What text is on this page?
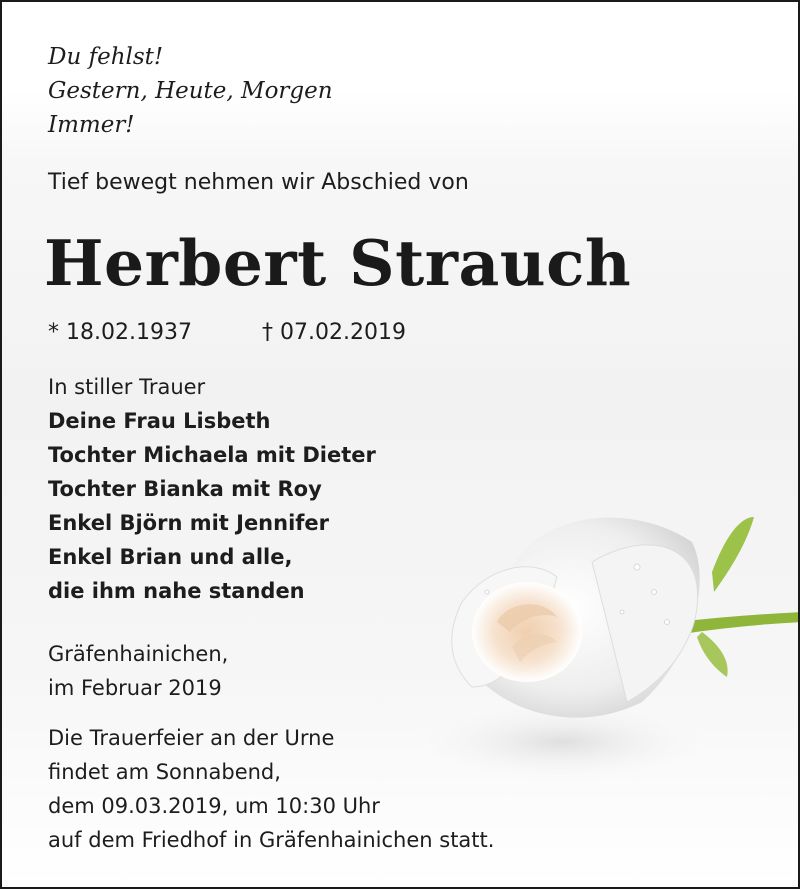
Du fehlst!
Gestern, Heute, Morgen
Immer!

Tief bewegt nehmen wir Abschied von

Herbert Strauch
* 18.02.1937	† 07.02.2019
In stiller Trauer
Deine Frau Lisbeth
Tochter Michaela mit Dieter
Tochter Bianka mit Roy
Enkel Björn mit Jennifer
Enkel Brian und alle,
die ihm nahe standen
Gräfenhainichen,
im Februar 2019
Die Trauerfeier an der Urne
findet am Sonnabend,
dem 09.03.2019, um 10:30 Uhr
auf dem Friedhof in Gräfenhainichen statt.
